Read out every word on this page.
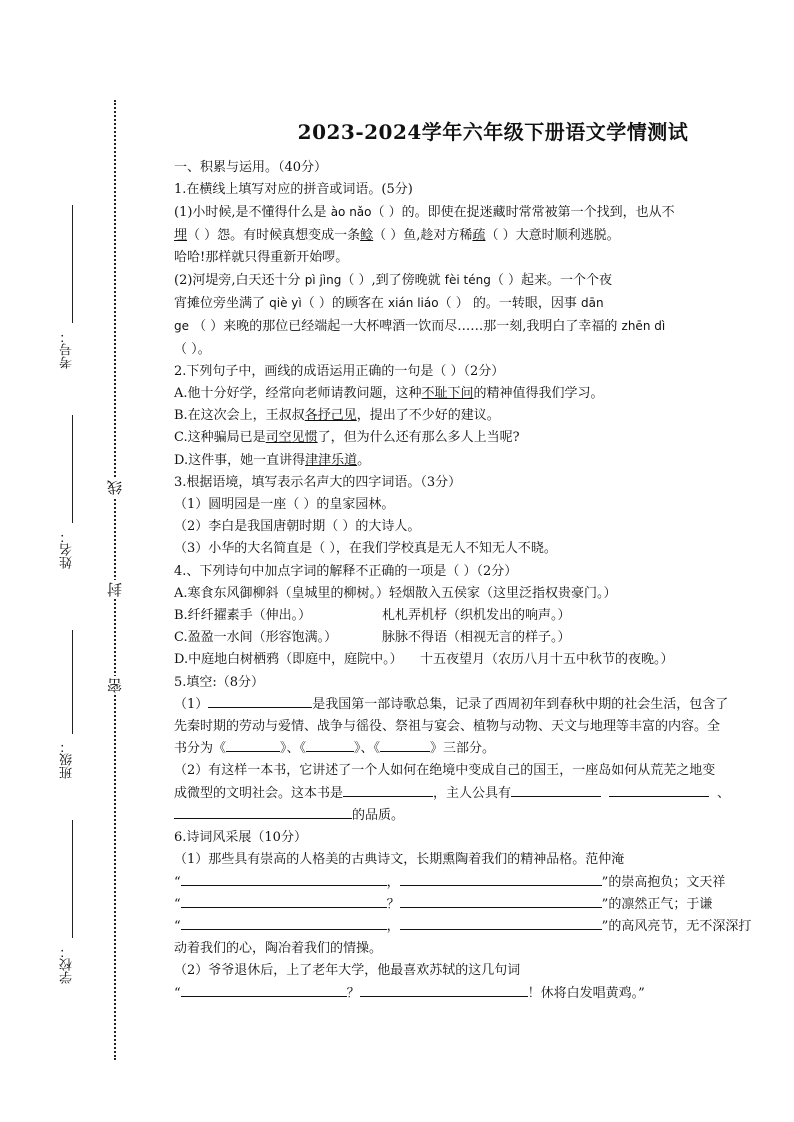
考号：
姓名：
班级：
学校：
线
封
密
2023-2024学年六年级下册语文学情测试
一、积累与运用。（40分）
1.在横线上填写对应的拼音或词语。(5分)
(1)小时候,是不懂得什么是 ào nǎo（ ）的。即使在捉迷藏时常常被第一个找到，也从不
埋（ ）怨。有时候真想变成一条鲶（ ）鱼,趁对方稀疏（ ）大意时顺利逃脱。
哈哈!那样就只得重新开始啰。
(2)河堤旁,白天还十分 pì jìng（ ）,到了傍晚就 fèi téng（ ）起来。一个个夜
宵摊位旁坐满了 qiè yì（ ）的顾客在 xián liáo（ ） 的。一转眼，因事 dān
ge （ ）来晚的那位已经端起一大杯啤酒一饮而尽……那一刻,我明白了幸福的 zhēn dì
（ ）。
2.下列句子中，画线的成语运用正确的一句是（ ）（2分）
A.他十分好学，经常向老师请教问题，这种不耻下问的精神值得我们学习。
B.在这次会上，王叔叔各抒己见，提出了不少好的建议。
C.这种骗局已是司空见惯了，但为什么还有那么多人上当呢?
D.这件事，她一直讲得津津乐道。
3.根据语境，填写表示名声大的四字词语。（3分）
（1）圆明园是一座（ ）的皇家园林。
（2）李白是我国唐朝时期（ ）的大诗人。
（3）小华的大名简直是（ ），在我们学校真是无人不知无人不晓。
4.、下列诗句中加点字词的解释不正确的一项是（ ）（2分）
A.寒食东风御柳斜（皇城里的柳树。）轻烟散入五侯家（这里泛指权贵豪门。）
B.纤纤擢素手（伸出。）	札札弄机杼（织机发出的响声。）
C.盈盈一水间（形容饱满。）	脉脉不得语（相视无言的样子。）
D.中庭地白树栖鸦（即庭中，庭院中。） 十五夜望月（农历八月十五中秋节的夜晚。）
5.填空:（8分）
（1）	是我国第一部诗歌总集，记录了西周初年到春秋中期的社会生活，包含了
先秦时期的劳动与爱情、战争与徭役、祭祖与宴会、植物与动物、天文与地理等丰富的内容。全
书分为《	》、《	》、《	》三部分。
（2）有这样一本书，它讲述了一个人如何在绝境中变成自己的国王，一座岛如何从荒芜之地变
成微型的文明社会。这本书是	，主人公具有	、
的品质。
6.诗词风采展（10分）
（1）那些具有崇高的人格美的古典诗文，长期熏陶着我们的精神品格。范仲淹
“	，	”的崇高抱负；文天祥
“	？	”的凛然正气；于谦
“	，	”的高风亮节，无不深深打
动着我们的心，陶冶着我们的情操。
（2）爷爷退休后，上了老年大学，他最喜欢苏轼的这几句词
“	？	！休将白发唱黄鸡。”
